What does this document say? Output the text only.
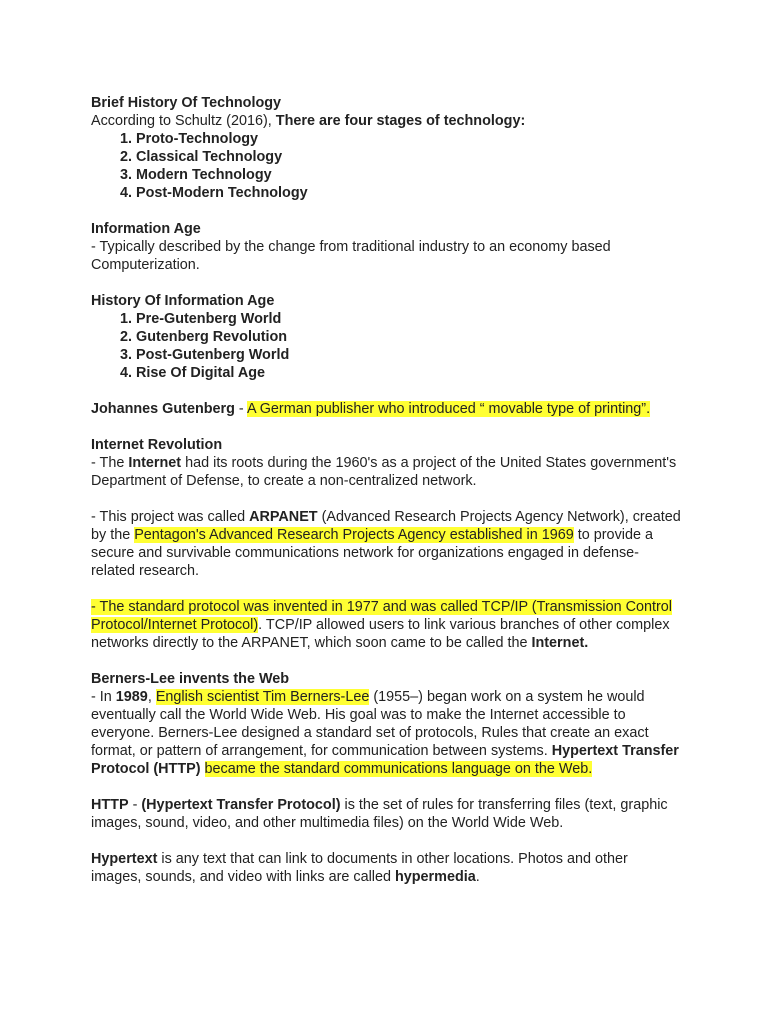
Brief History Of Technology

According to Schultz (2016), There are four stages of technology:

1. Proto-Technology
2. Classical Technology
3. Modern Technology
4. Post-Modern Technology

Information Age

- Typically described by the change from traditional industry to an economy based Computerization.

History Of Information Age

1. Pre-Gutenberg World
2. Gutenberg Revolution
3. Post-Gutenberg World
4. Rise Of Digital Age

Johannes Gutenberg - A German publisher who introduced “ movable type of printing”.

Internet Revolution

- The Internet had its roots during the 1960's as a project of the United States government's Department of Defense, to create a non-centralized network.

- This project was called ARPANET (Advanced Research Projects Agency Network), created by the Pentagon's Advanced Research Projects Agency established in 1969 to provide a secure and survivable communications network for organizations engaged in defense-related research.

- The standard protocol was invented in 1977 and was called TCP/IP (Transmission Control Protocol/Internet Protocol). TCP/IP allowed users to link various branches of other complex networks directly to the ARPANET, which soon came to be called the Internet.

Berners-Lee invents the Web

- In 1989, English scientist Tim Berners-Lee (1955–) began work on a system he would eventually call the World Wide Web. His goal was to make the Internet accessible to everyone. Berners-Lee designed a standard set of protocols, Rules that create an exact format, or pattern of arrangement, for communication between systems. Hypertext Transfer Protocol (HTTP) became the standard communications language on the Web.

HTTP - (Hypertext Transfer Protocol) is the set of rules for transferring files (text, graphic images, sound, video, and other multimedia files) on the World Wide Web.

Hypertext is any text that can link to documents in other locations. Photos and other images, sounds, and video with links are called hypermedia.
